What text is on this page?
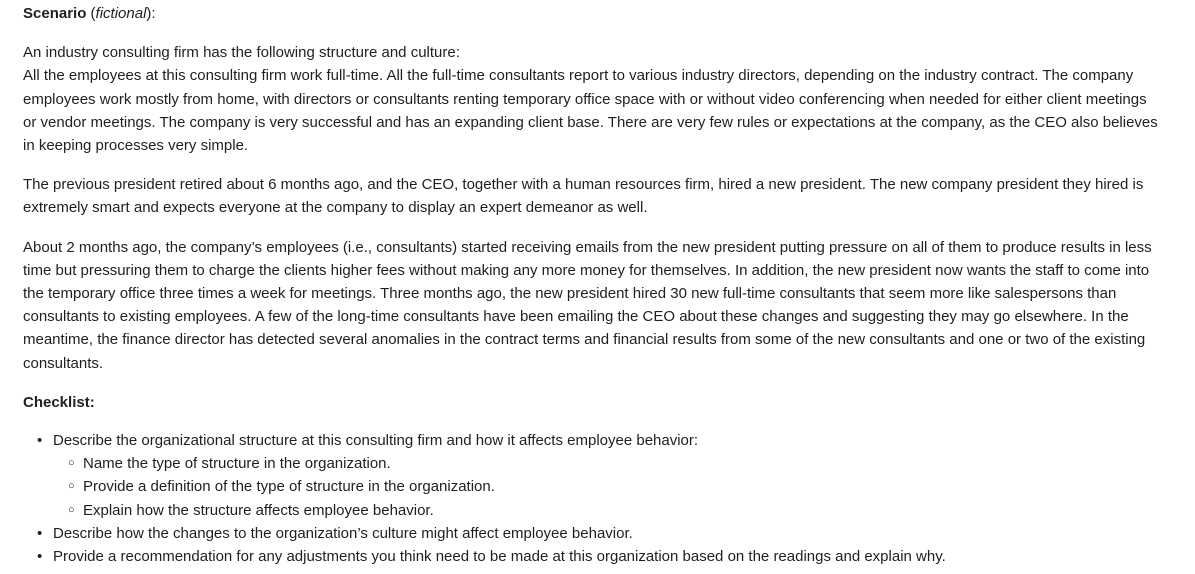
Scenario (fictional):

An industry consulting firm has the following structure and culture:

All the employees at this consulting firm work full-time. All the full-time consultants report to various industry directors, depending on the industry contract. The company employees work mostly from home, with directors or consultants renting temporary office space with or without video conferencing when needed for either client meetings or vendor meetings. The company is very successful and has an expanding client base. There are very few rules or expectations at the company, as the CEO also believes in keeping processes very simple.

The previous president retired about 6 months ago, and the CEO, together with a human resources firm, hired a new president. The new company president they hired is extremely smart and expects everyone at the company to display an expert demeanor as well.

About 2 months ago, the company’s employees (i.e., consultants) started receiving emails from the new president putting pressure on all of them to produce results in less time but pressuring them to charge the clients higher fees without making any more money for themselves. In addition, the new president now wants the staff to come into the temporary office three times a week for meetings. Three months ago, the new president hired 30 new full-time consultants that seem more like salespersons than consultants to existing employees. A few of the long-time consultants have been emailing the CEO about these changes and suggesting they may go elsewhere. In the meantime, the finance director has detected several anomalies in the contract terms and financial results from some of the new consultants and one or two of the existing consultants.

Checklist:

• Describe the organizational structure at this consulting firm and how it affects employee behavior:
○ Name the type of structure in the organization.
○ Provide a definition of the type of structure in the organization.
○ Explain how the structure affects employee behavior.
• Describe how the changes to the organization’s culture might affect employee behavior.
• Provide a recommendation for any adjustments you think need to be made at this organization based on the readings and explain why.
